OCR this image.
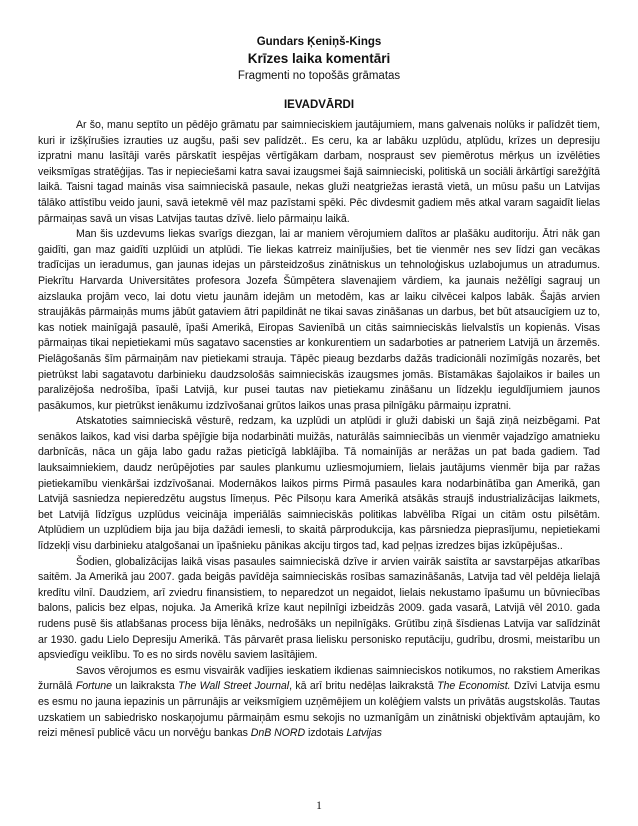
Gundars Ķeniņš-Kings
Krīzes laika komentāri
Fragmenti no topošās grāmatas
IEVADVĀRDI

Ar šo, manu septīto un pēdējo grāmatu par saimnieciskiem jautājumiem, mans galvenais nolūks ir palīdzēt tiem, kuri ir izšķīrušies izrauties uz augšu, paši sev palīdzēt.. Es ceru, ka ar labāku uzplūdu, atplūdu, krīzes un depresiju izpratni manu lasītāji varēs pārskatīt iespējas vērtīgākam darbam, nospraust sev piemērotus mērķus un izvēlēties veiksmīgas stratēģijas. Tas ir nepieciešami katra savai izaugsmei šajā saimnieciski, politiskā un sociāli ārkārtīgi sarežģītā laikā. Taisni tagad mainās visa saimnieciskā pasaule, nekas gluži neatgriežas ierastā vietā, un mūsu pašu un Latvijas tālāko attīstību veido jauni, savā ietekmē vēl maz pazīstami spēki. Pēc divdesmit gadiem mēs atkal varam sagaidīt lielas pārmaiņas savā un visas Latvijas tautas dzīvē. lielo pārmaiņu laikā.

Man šis uzdevums liekas svarīgs diezgan, lai ar maniem vērojumiem dalītos ar plašāku auditoriju. Ātri nāk gan gaidīti, gan maz gaidīti uzplūidi un atplūdi. Tie liekas katrreiz mainījušies, bet tie vienmēr nes sev līdzi gan vecākas tradīcijas un ieradumus, gan jaunas idejas un pārsteidzošus zinātniskus un tehnoloģiskus uzlabojumus un atradumus. Piekrītu Harvarda Universitātes profesora Jozefa Šūmpētera slavenajiem vārdiem, ka jaunais nežēlīgi sagrauj un aizslauka projām veco, lai dotu vietu jaunām idejām un metodēm, kas ar laiku cilvēcei kalpos labāk. Šajās arvien straujākās pārmaiņās mums jābūt gataviem ātri papildināt ne tikai savas zināšanas un darbus, bet būt atsaucīgiem uz to, kas notiek mainīgajā pasaulē, īpaši Amerikā, Eiropas Savienībā un citās saimnieciskās lielvalstīs un kopienās. Visas pārmaiņas tikai nepietiekami mūs sagatavo sacensties ar konkurentiem un sadarboties ar patneriem Latvijā un ārzemēs. Pielāgošanās šīm pārmaiņām nav pietiekami strauja. Tāpēc pieaug bezdarbs dažās tradicionāli nozīmīgās nozarēs, bet pietrūkst labi sagatavotu darbinieku daudzsološās saimnieciskās izaugsmes jomās. Bīstamākas šajolaikos ir bailes un paralizējoša nedrošība, īpaši Latvijā, kur pusei tautas nav pietiekamu zināšanu un līdzekļu ieguldījumiem jaunos pasākumos, kur pietrūkst ienākumu izdzīvošanai grūtos laikos unas prasa pilnīgāku pārmaiņu izpratni.

Atskatoties saimnieciskā vēsturē, redzam, ka uzplūdi un atplūdi ir gluži dabiski un šajā ziņā neizbēgami. Pat senākos laikos, kad visi darba spējīgie bija nodarbināti muižās, naturālās saimniecībās un vienmēr vajadzīgo amatnieku darbnīcās, nāca un gāja labo gadu ražas pieticīgā labklājība. Tā nomainījās ar nerāžas un pat bada gadiem. Tad lauksaimniekiem, daudz nerūpējoties par saules plankumu uzliesmojumiem, lielais jautājums vienmēr bija par ražas pietiekamību vienkāršai izdzīvošanai. Modernākos laikos pirms Pirmā pasaules kara nodarbinātība gan Amerikā, gan Latvijā sasniedza nepieredzētu augstus līmeņus. Pēc Pilsoņu kara Amerikā atsākās straujš industrializācijas laikmets, bet Latvijā līdzīgus uzplūdus veicināja imperiālās saimnieciskās politikas labvēlība Rīgai un citām ostu pilsētām. Atplūdiem un uzplūdiem bija jau bija dažādi iemesli, to skaitā pārprodukcija, kas pārsniedza pieprasījumu, nepietiekami līdzekļi visu darbinieku atalgošanai un īpašnieku pānikas akciju tirgos tad, kad peļņas izredzes bijas izkūpējušas..

Šodien, globalizācijas laikā visas pasaules saimnieciskā dzīve ir arvien vairāk saistīta ar savstarpējas atkarības saitēm. Ja Amerikā jau 2007. gada beigās pavīdēja saimnieciskās rosības samazināšanās, Latvija tad vēl peldēja lielajā kredītu vilnī. Daudziem, arī zviedru finansistiem, to neparedzot un negaidot, lielais nekustamo īpašumu un būvniecības balons, palicis bez elpas, nojuka. Ja Amerikā krīze kaut nepilnīgi izbeidzās 2009. gada vasarā, Latvijā vēl 2010. gada rudens pusē šis atlabšanas process bija lēnāks, nedrošāks un nepilnīgāks. Grūtību ziņā šīsdienas Latvija var salīdzināt ar 1930. gadu Lielo Depresiju Amerikā. Tās pārvarēt prasa lielisku personisko reputāciju, gudrību, drosmi, meistarību un apsviedīgu veiklību. To es no sirds novēlu saviem lasītājiem.

Savos vērojumos es esmu visvairāk vadījies ieskatiem ikdienas saimnieciskos notikumos, no rakstiem Amerikas žurnālā Fortune un laikraksta The Wall Street Journal, kā arī britu nedēļas laikrakstā The Economist. Dzīvi Latvija esmu es esmu no jauna iepazinis un pārrunājis ar veiksmīgiem uzņēmējiem un kolēģiem valsts un privātās augstskolās. Tautas uzskatiem un sabiedrisko noskaņojumu pārmaiņām esmu sekojis no uzmanīgām un zinātniski objektīvām aptaujām, ko reizi mēnesī publicē vācu un norvēģu bankas DnB NORD izdotais Latvijas

1
